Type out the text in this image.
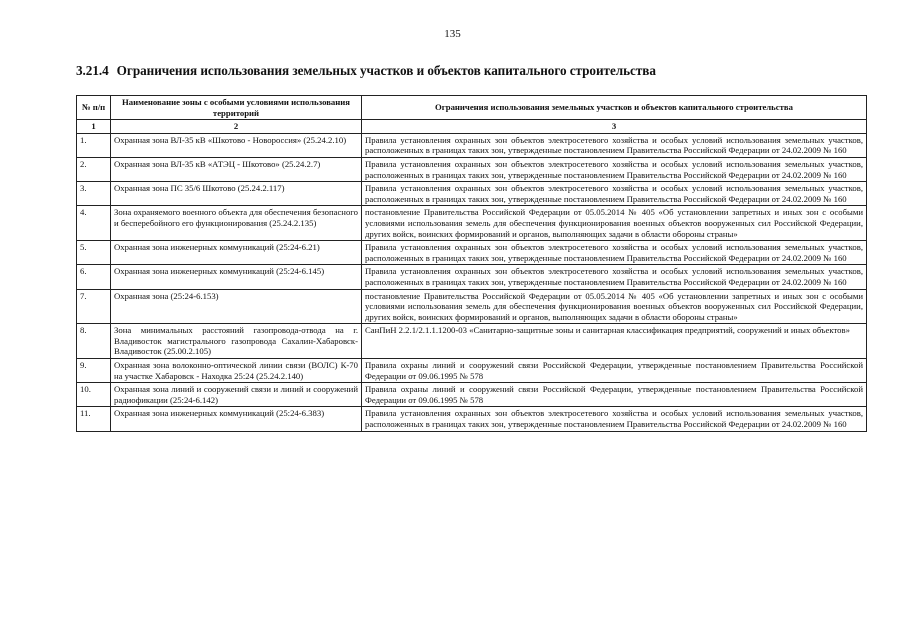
135
3.21.4 Ограничения использования земельных участков и объектов капитального строительства
№ п/п	Наименование зоны с особыми условиями использования территорий	Ограничения использования земельных участков и объектов капитального строительства
1	2	3
1.	Охранная зона ВЛ-35 кВ «Шкотово - Новороссия» (25.24.2.10)	Правила установления охранных зон объектов электросетевого хозяйства и особых условий использования земельных участков, расположенных в границах таких зон, утвержденные постановлением Правительства Российской Федерации от 24.02.2009 № 160
2.	Охранная зона ВЛ-35 кВ «АТЭЦ - Шкотово» (25.24.2.7)	Правила установления охранных зон объектов электросетевого хозяйства и особых условий использования земельных участков, расположенных в границах таких зон, утвержденные постановлением Правительства Российской Федерации от 24.02.2009 № 160
3.	Охранная зона ПС 35/6 Шкотово (25.24.2.117)	Правила установления охранных зон объектов электросетевого хозяйства и особых условий использования земельных участков, расположенных в границах таких зон, утвержденные постановлением Правительства Российской Федерации от 24.02.2009 № 160
4.	Зона охраняемого военного объекта для обеспечения безопасного и бесперебойного его функционирования (25.24.2.135)	постановление Правительства Российской Федерации от 05.05.2014 № 405 «Об установлении запретных и иных зон с особыми условиями использования земель для обеспечения функционирования военных объектов вооруженных сил Российской Федерации, других войск, воинских формирований и органов, выполняющих задачи в области обороны страны»
5.	Охранная зона инженерных коммуникаций (25:24-6.21)	Правила установления охранных зон объектов электросетевого хозяйства и особых условий использования земельных участков, расположенных в границах таких зон, утвержденные постановлением Правительства Российской Федерации от 24.02.2009 № 160
6.	Охранная зона инженерных коммуникаций (25:24-6.145)	Правила установления охранных зон объектов электросетевого хозяйства и особых условий использования земельных участков, расположенных в границах таких зон, утвержденные постановлением Правительства Российской Федерации от 24.02.2009 № 160
7.	Охранная зона (25:24-6.153)	постановление Правительства Российской Федерации от 05.05.2014 № 405 «Об установлении запретных и иных зон с особыми условиями использования земель для обеспечения функционирования военных объектов вооруженных сил Российской Федерации, других войск, воинских формирований и органов, выполняющих задачи в области обороны страны»
8.	Зона минимальных расстояний газопровода-отвода на г. Владивосток магистрального газопровода Сахалин-Хабаровск-Владивосток (25.00.2.105)	СанПиН 2.2.1/2.1.1.1200-03 «Санитарно-защитные зоны и санитарная классификация предприятий, сооружений и иных объектов»
9.	Охранная зона волоконно-оптической линии связи (ВОЛС) К-70 на участке Хабаровск - Находка 25:24 (25.24.2.140)	Правила охраны линий и сооружений связи Российской Федерации, утвержденные постановлением Правительства Российской Федерации от 09.06.1995 № 578
10.	Охранная зона линий и сооружений связи и линий и сооружений радиофикации (25:24-6.142)	Правила охраны линий и сооружений связи Российской Федерации, утвержденные постановлением Правительства Российской Федерации от 09.06.1995 № 578
11.	Охранная зона инженерных коммуникаций (25:24-6.383)	Правила установления охранных зон объектов электросетевого хозяйства и особых условий использования земельных участков, расположенных в границах таких зон, утвержденные постановлением Правительства Российской Федерации от 24.02.2009 № 160
